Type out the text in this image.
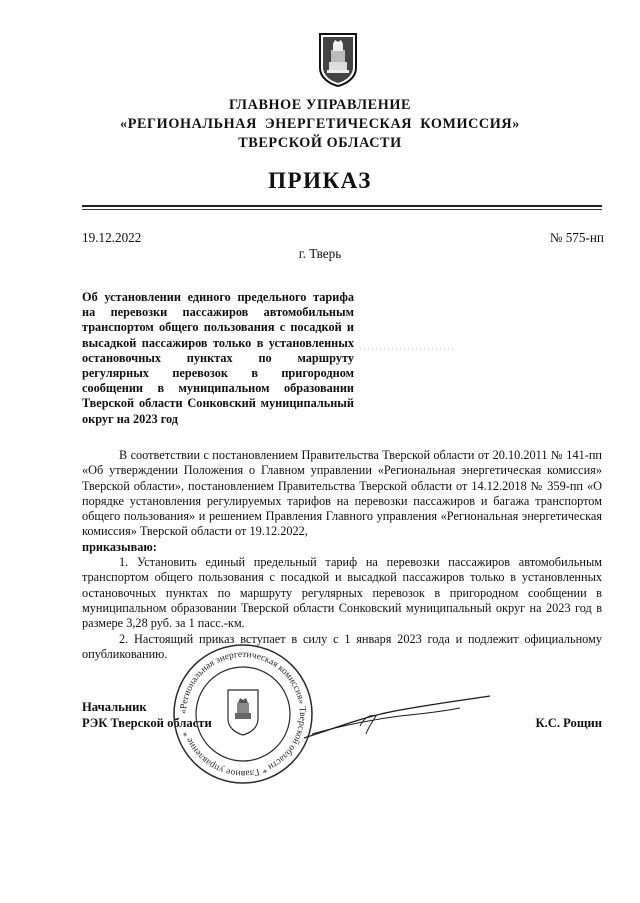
ГЛАВНОЕ УПРАВЛЕНИЕ
«РЕГИОНАЛЬНАЯ ЭНЕРГЕТИЧЕСКАЯ КОМИССИЯ»
ТВЕРСКОЙ ОБЛАСТИ
ПРИКАЗ
19.12.2022	№ 575-нп
г. Тверь
Об установлении единого предельного тарифа на перевозки пассажиров автомобильным транспортом общего пользования с посадкой и высадкой пассажиров только в установленных остановочных пунктах по маршруту регулярных перевозок в пригородном сообщении в муниципальном образовании Тверской области Сонковский муниципальный округ на 2023 год

В соответствии с постановлением Правительства Тверской области от 20.10.2011 № 141-пп «Об утверждении Положения о Главном управлении «Региональная энергетическая комиссия» Тверской области», постановлением Правительства Тверской области от 14.12.2018 № 359-пп «О порядке установления регулируемых тарифов на перевозки пассажиров и багажа транспортом общего пользования» и решением Правления Главного управления «Региональная энергетическая комиссия» Тверской области от 19.12.2022,

приказываю:

1. Установить единый предельный тариф на перевозки пассажиров автомобильным транспортом общего пользования с посадкой и высадкой пассажиров только в установленных остановочных пунктах по маршруту регулярных перевозок в пригородном сообщении в муниципальном образовании Тверской области Сонковский муниципальный округ на 2023 год в размере 3,28 руб. за 1 пасс.-км.

2. Настоящий приказ вступает в силу с 1 января 2023 года и подлежит официальному опубликованию.

Начальник
РЭК Тверской области	К.С. Рощин
«Региональная энергетическая комиссия» Тверской области * Главное управление *
